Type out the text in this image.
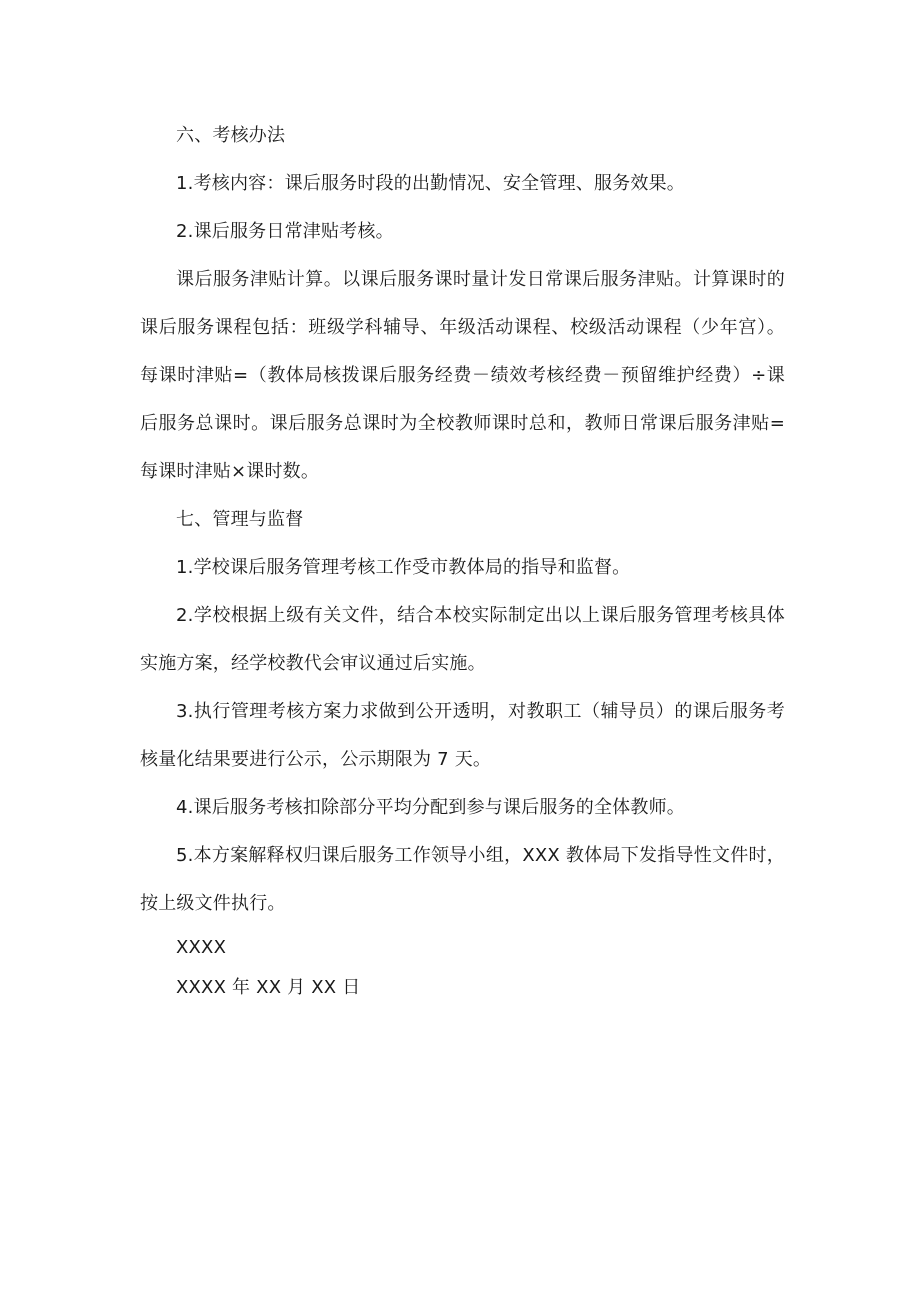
六、考核办法

1.考核内容：课后服务时段的出勤情况、安全管理、服务效果。

2.课后服务日常津贴考核。

课后服务津贴计算。以课后服务课时量计发日常课后服务津贴。计算课时的课后服务课程包括：班级学科辅导、年级活动课程、校级活动课程（少年宫）。每课时津贴=（教体局核拨课后服务经费－绩效考核经费－预留维护经费）÷课后服务总课时。课后服务总课时为全校教师课时总和，教师日常课后服务津贴=每课时津贴×课时数。

七、管理与监督

1.学校课后服务管理考核工作受市教体局的指导和监督。

2.学校根据上级有关文件，结合本校实际制定出以上课后服务管理考核具体实施方案，经学校教代会审议通过后实施。

3.执行管理考核方案力求做到公开透明，对教职工（辅导员）的课后服务考核量化结果要进行公示，公示期限为 7 天。

4.课后服务考核扣除部分平均分配到参与课后服务的全体教师。

5.本方案解释权归课后服务工作领导小组，XXX 教体局下发指导性文件时，按上级文件执行。

XXXX

XXXX 年 XX 月 XX 日
